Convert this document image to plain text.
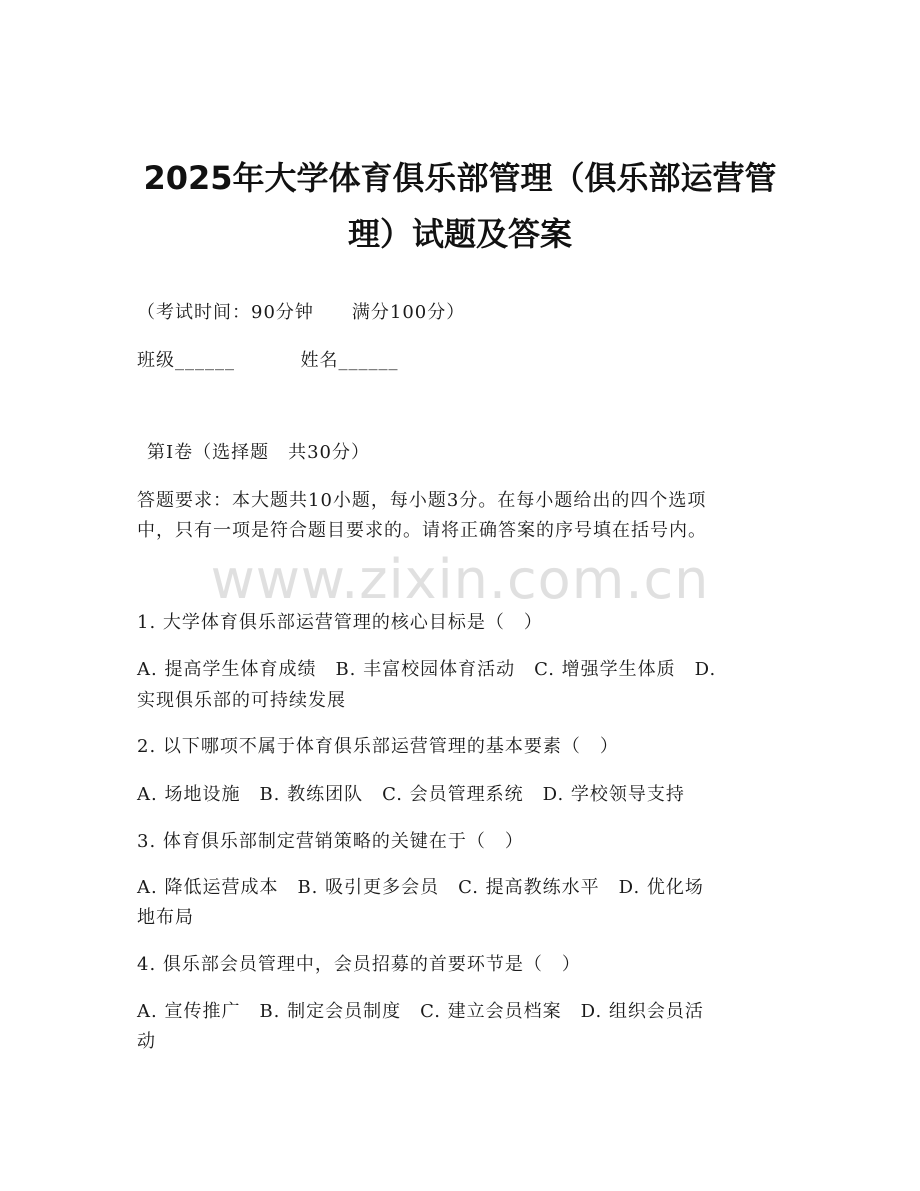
2025年大学体育俱乐部管理（俱乐部运营管
理）试题及答案
（考试时间：90分钟　　满分100分）
班级______	姓名______
第I卷（选择题　共30分）
答题要求：本大题共10小题，每小题3分。在每小题给出的四个选项
中，只有一项是符合题目要求的。请将正确答案的序号填在括号内。
www.zixin.com.cn
1. 大学体育俱乐部运营管理的核心目标是（　）
A. 提高学生体育成绩　B. 丰富校园体育活动　C. 增强学生体质　D.
实现俱乐部的可持续发展
2. 以下哪项不属于体育俱乐部运营管理的基本要素（　）
A. 场地设施　B. 教练团队　C. 会员管理系统　D. 学校领导支持
3. 体育俱乐部制定营销策略的关键在于（　）
A. 降低运营成本　B. 吸引更多会员　C. 提高教练水平　D. 优化场
地布局
4. 俱乐部会员管理中，会员招募的首要环节是（　）
A. 宣传推广　B. 制定会员制度　C. 建立会员档案　D. 组织会员活
动
